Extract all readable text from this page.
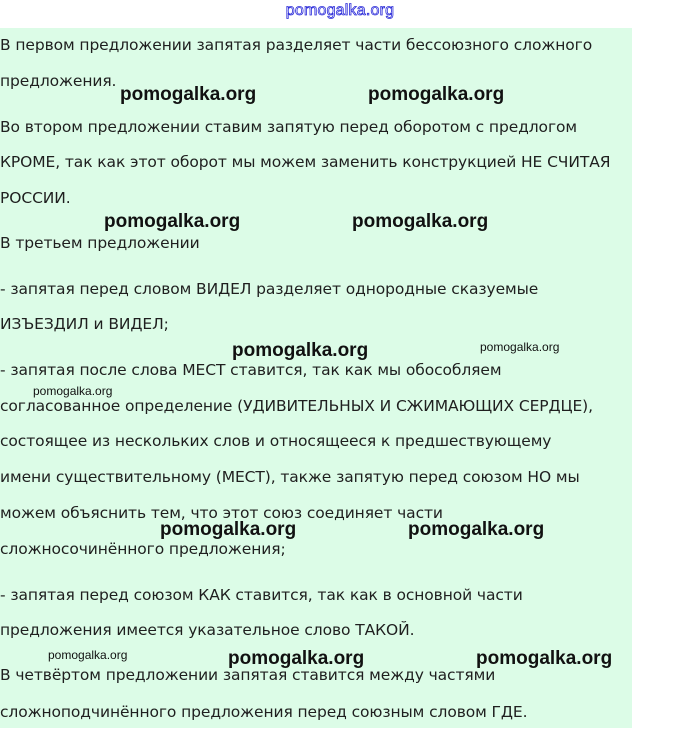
pomogalka.org
В первом предложении запятая разделяет части бессоюзного сложного
предложения.
Во втором предложении ставим запятую перед оборотом с предлогом
КРОМЕ, так как этот оборот мы можем заменить конструкцией НЕ СЧИТАЯ
РОССИИ.
В третьем предложении
- запятая перед словом ВИДЕЛ разделяет однородные сказуемые
ИЗЪЕЗДИЛ и ВИДЕЛ;
- запятая после слова МЕСТ ставится, так как мы обособляем
согласованное определение (УДИВИТЕЛЬНЫХ И СЖИМАЮЩИХ СЕРДЦЕ),
состоящее из нескольких слов и относящееся к предшествующему
имени существительному (МЕСТ), также запятую перед союзом НО мы
можем объяснить тем, что этот союз соединяет части
сложносочинённого предложения;
- запятая перед союзом КАК ставится, так как в основной части
предложения имеется указательное слово ТАКОЙ.
В четвёртом предложении запятая ставится между частями
сложноподчинённого предложения перед союзным словом ГДЕ.
pomogalka.org	pomogalka.org
pomogalka.org	pomogalka.org
pomogalka.org	pomogalka.org
pomogalka.org
pomogalka.org	pomogalka.org
pomogalka.org	pomogalka.org	pomogalka.org
